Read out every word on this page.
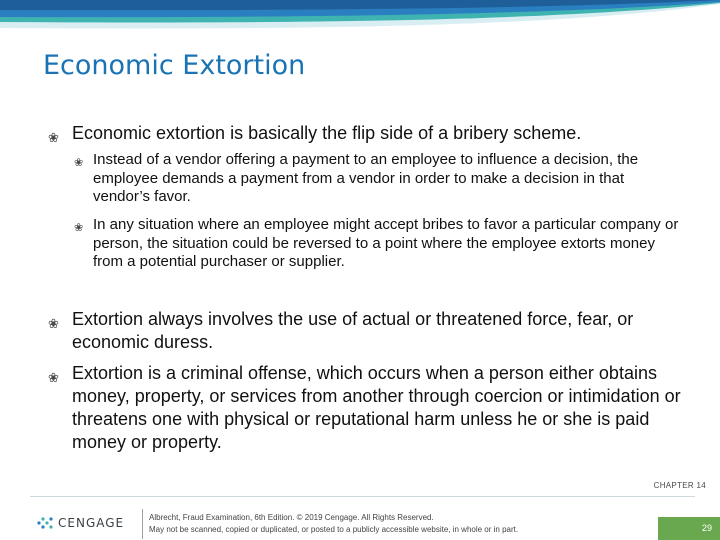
Economic Extortion
❀ Economic extortion is basically the flip side of a bribery scheme.
❀ Instead of a vendor offering a payment to an employee to influence a decision, the employee demands a payment from a vendor in order to make a decision in that vendor’s favor.
❀ In any situation where an employee might accept bribes to favor a particular company or person, the situation could be reversed to a point where the employee extorts money from a potential purchaser or supplier.
❀ Extortion always involves the use of actual or threatened force, fear, or economic duress.
❀ Extortion is a criminal offense, which occurs when a person either obtains money, property, or services from another through coercion or intimidation or threatens one with physical or reputational harm unless he or she is paid money or property.
CENGAGE	Albrecht, Fraud Examination, 6th Edition. © 2019 Cengage. All Rights Reserved.
May not be scanned, copied or duplicated, or posted to a publicly accessible website, in whole or in part.
CHAPTER 14
29
